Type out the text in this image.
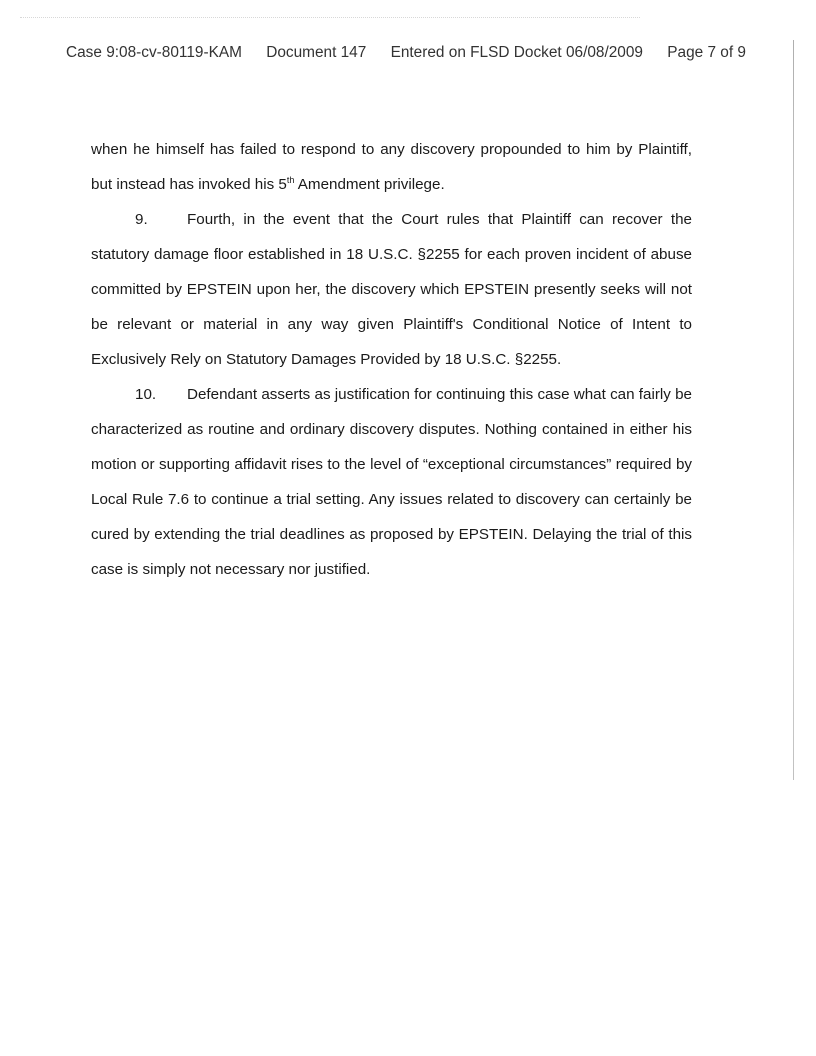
Case 9:08-cv-80119-KAM Document 147 Entered on FLSD Docket 06/08/2009 Page 7 of 9

when he himself has failed to respond to any discovery propounded to him by Plaintiff, but instead has invoked his 5th Amendment privilege.

9.	Fourth, in the event that the Court rules that Plaintiff can recover the statutory damage floor established in 18 U.S.C. §2255 for each proven incident of abuse committed by EPSTEIN upon her, the discovery which EPSTEIN presently seeks will not be relevant or material in any way given Plaintiff's Conditional Notice of Intent to Exclusively Rely on Statutory Damages Provided by 18 U.S.C. §2255.

10. Defendant asserts as justification for continuing this case what can fairly be characterized as routine and ordinary discovery disputes. Nothing contained in either his motion or supporting affidavit rises to the level of “exceptional circumstances” required by Local Rule 7.6 to continue a trial setting. Any issues related to discovery can certainly be cured by extending the trial deadlines as proposed by EPSTEIN. Delaying the trial of this case is simply not necessary nor justified.
